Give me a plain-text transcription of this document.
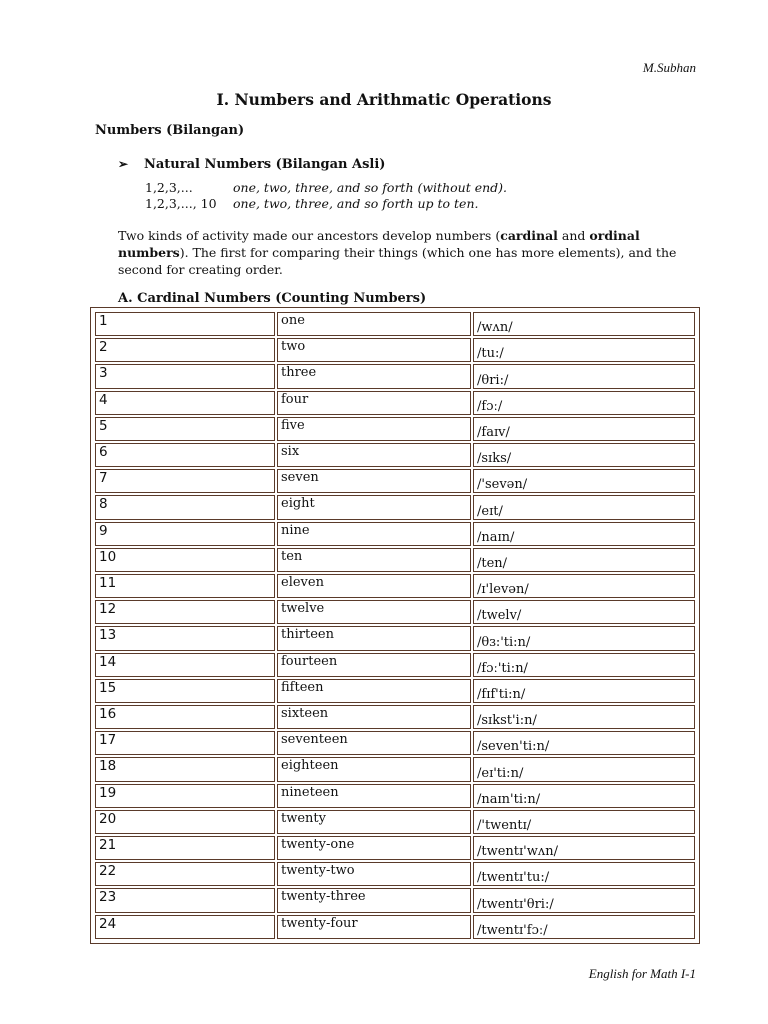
M.Subhan
I. Numbers and Arithmatic Operations
Numbers (Bilangan)
➢ Natural Numbers (Bilangan Asli)
1,2,3,...	one, two, three, and so forth (without end).
1,2,3,..., 10 one, two, three, and so forth up to ten.
Two kinds of activity made our ancestors develop numbers (cardinal and ordinal numbers). The first for comparing their things (which one has more elements), and the second for creating order.
A. Cardinal Numbers (Counting Numbers)
1	one	/wʌn/
2	two	/tu:/
3	three	/θri:/
4	four	/fɔː/
5	five	/faɪv/
6	six	/sɪks/
7	seven	/'sevən/
8	eight	/eɪt/
9	nine	/naɪn/
10	ten	/ten/
11	eleven	/ɪ'levən/
12	twelve	/twelv/
13	thirteen	/θɜ:'ti:n/
14	fourteen	/fɔː'ti:n/
15	fifteen	/fɪf'ti:n/
16	sixteen	/sɪkst'i:n/
17	seventeen	/seven'ti:n/
18	eighteen	/eɪ'ti:n/
19	nineteen	/naɪn'ti:n/
20	twenty	/'twentɪ/
21	twenty-one	/twentɪ'wʌn/
22	twenty-two	/twentɪ'tu:/
23	twenty-three	/twentɪ'θri:/
24	twenty-four	/twentɪ'fɔː/
English for Math I-1
